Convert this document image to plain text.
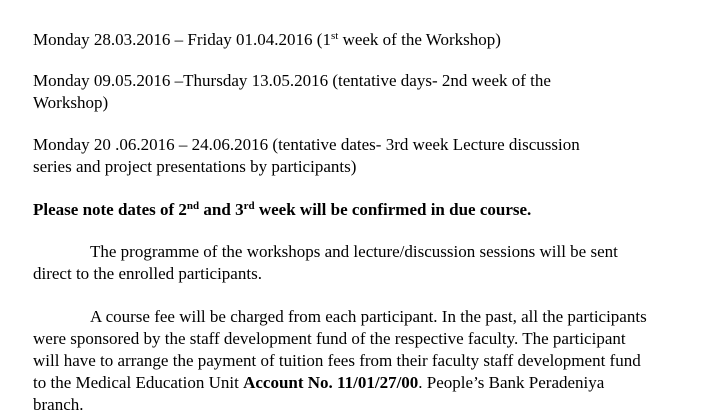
Monday 28.03.2016 – Friday 01.04.2016 (1st week of the Workshop)

Monday 09.05.2016 –Thursday 13.05.2016 (tentative days- 2nd week of the
Workshop)

Monday 20 .06.2016 – 24.06.2016 (tentative dates- 3rd week Lecture discussion
series and project presentations by participants)

Please note dates of 2nd and 3rd week will be confirmed in due course.

The programme of the workshops and lecture/discussion sessions will be sent
direct to the enrolled participants.

A course fee will be charged from each participant. In the past, all the participants
were sponsored by the staff development fund of the respective faculty. The participant
will have to arrange the payment of tuition fees from their faculty staff development fund
to the Medical Education Unit Account No. 11/01/27/00. People’s Bank Peradeniya
branch.
